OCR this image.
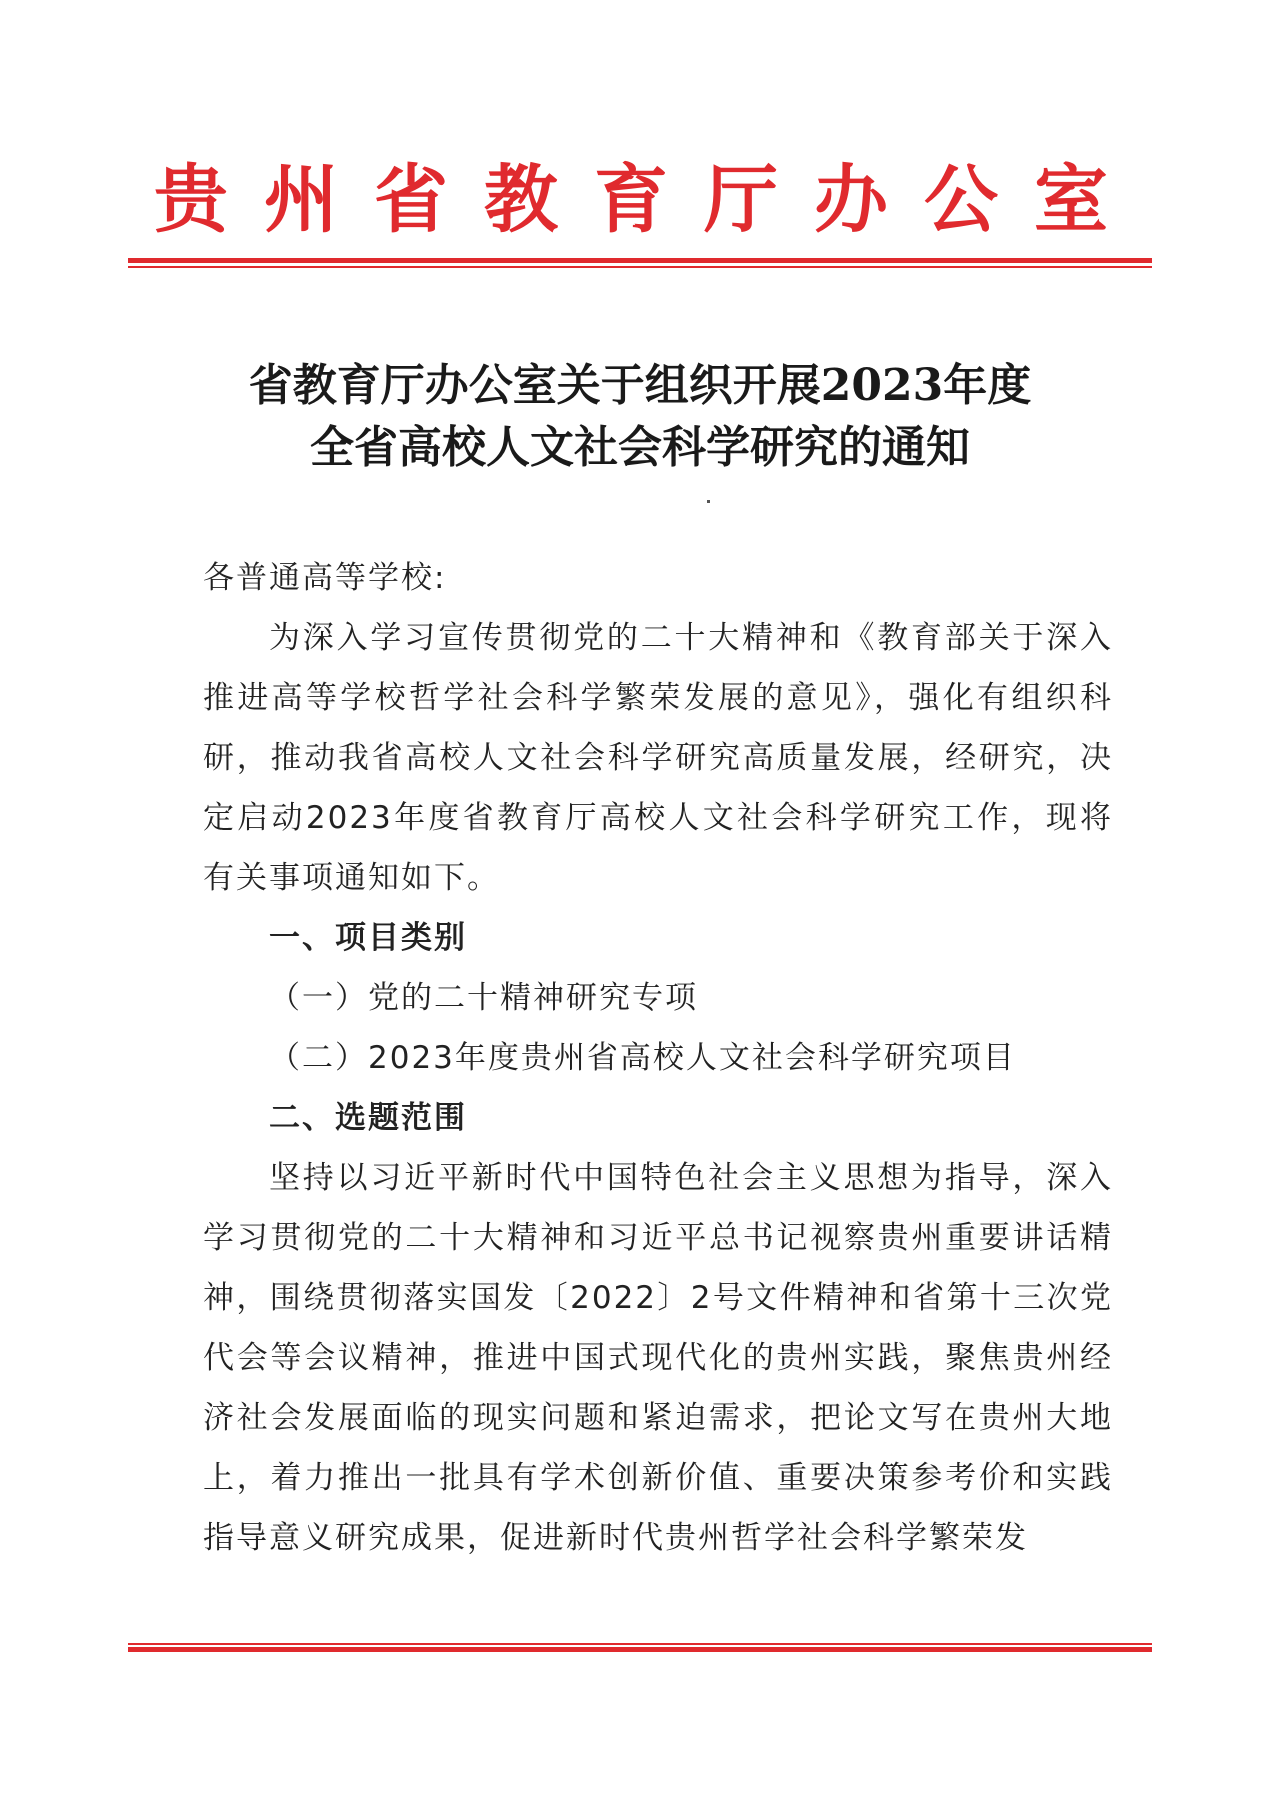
贵州省教育厅办公室
省教育厅办公室关于组织开展2023年度
全省高校人文社会科学研究的通知

各普通高等学校:

为深入学习宣传贯彻党的二十大精神和《教育部关于深入推进高等学校哲学社会科学繁荣发展的意见》，强化有组织科研，推动我省高校人文社会科学研究高质量发展，经研究，决定启动2023年度省教育厅高校人文社会科学研究工作，现将有关事项通知如下。

一、项目类别

（一）党的二十精神研究专项

（二）2023年度贵州省高校人文社会科学研究项目

二、选题范围

坚持以习近平新时代中国特色社会主义思想为指导，深入学习贯彻党的二十大精神和习近平总书记视察贵州重要讲话精神，围绕贯彻落实国发〔2022〕2号文件精神和省第十三次党代会等会议精神，推进中国式现代化的贵州实践，聚焦贵州经济社会发展面临的现实问题和紧迫需求，把论文写在贵州大地上，着力推出一批具有学术创新价值、重要决策参考价和实践指导意义研究成果，促进新时代贵州哲学社会科学繁荣发
